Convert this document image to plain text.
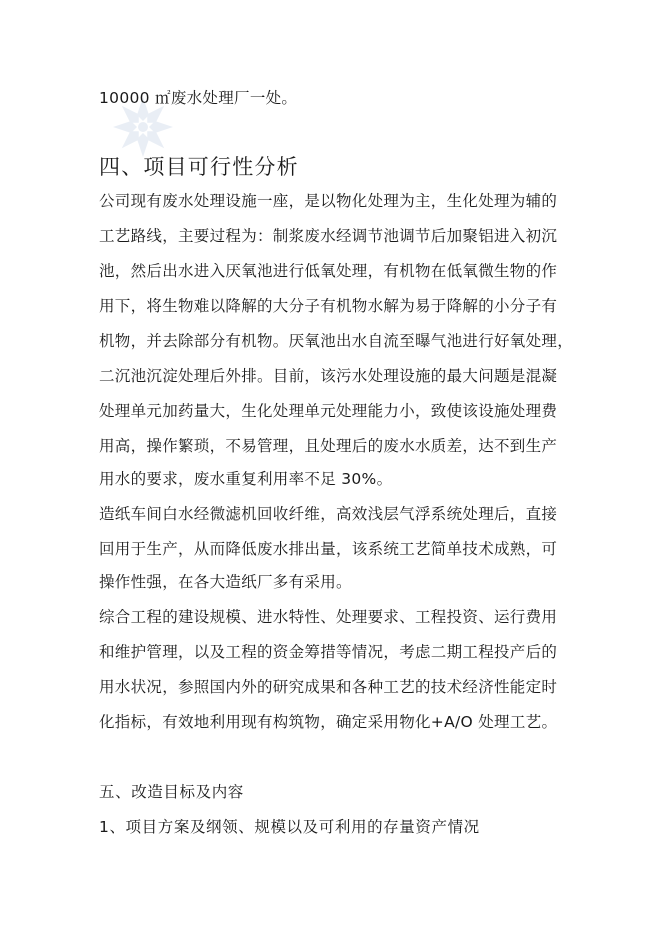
10000 ㎡废水处理厂一处。
四、项目可行性分析
公司现有废水处理设施一座，是以物化处理为主，生化处理为辅的
工艺路线，主要过程为：制浆废水经调节池调节后加聚铝进入初沉
池，然后出水进入厌氧池进行低氧处理，有机物在低氧微生物的作
用下，将生物难以降解的大分子有机物水解为易于降解的小分子有
机物，并去除部分有机物。厌氧池出水自流至曝气池进行好氧处理，
二沉池沉淀处理后外排。目前，该污水处理设施的最大问题是混凝
处理单元加药量大，生化处理单元处理能力小，致使该设施处理费
用高，操作繁琐，不易管理，且处理后的废水水质差，达不到生产
用水的要求，废水重复利用率不足 30%。
造纸车间白水经微滤机回收纤维，高效浅层气浮系统处理后，直接
回用于生产，从而降低废水排出量，该系统工艺简单技术成熟，可
操作性强，在各大造纸厂多有采用。
综合工程的建设规模、进水特性、处理要求、工程投资、运行费用
和维护管理，以及工程的资金筹措等情况，考虑二期工程投产后的
用水状况，参照国内外的研究成果和各种工艺的技术经济性能定时
化指标，有效地利用现有构筑物，确定采用物化+A/O 处理工艺。
五、改造目标及内容
1、项目方案及纲领、规模以及可利用的存量资产情况
